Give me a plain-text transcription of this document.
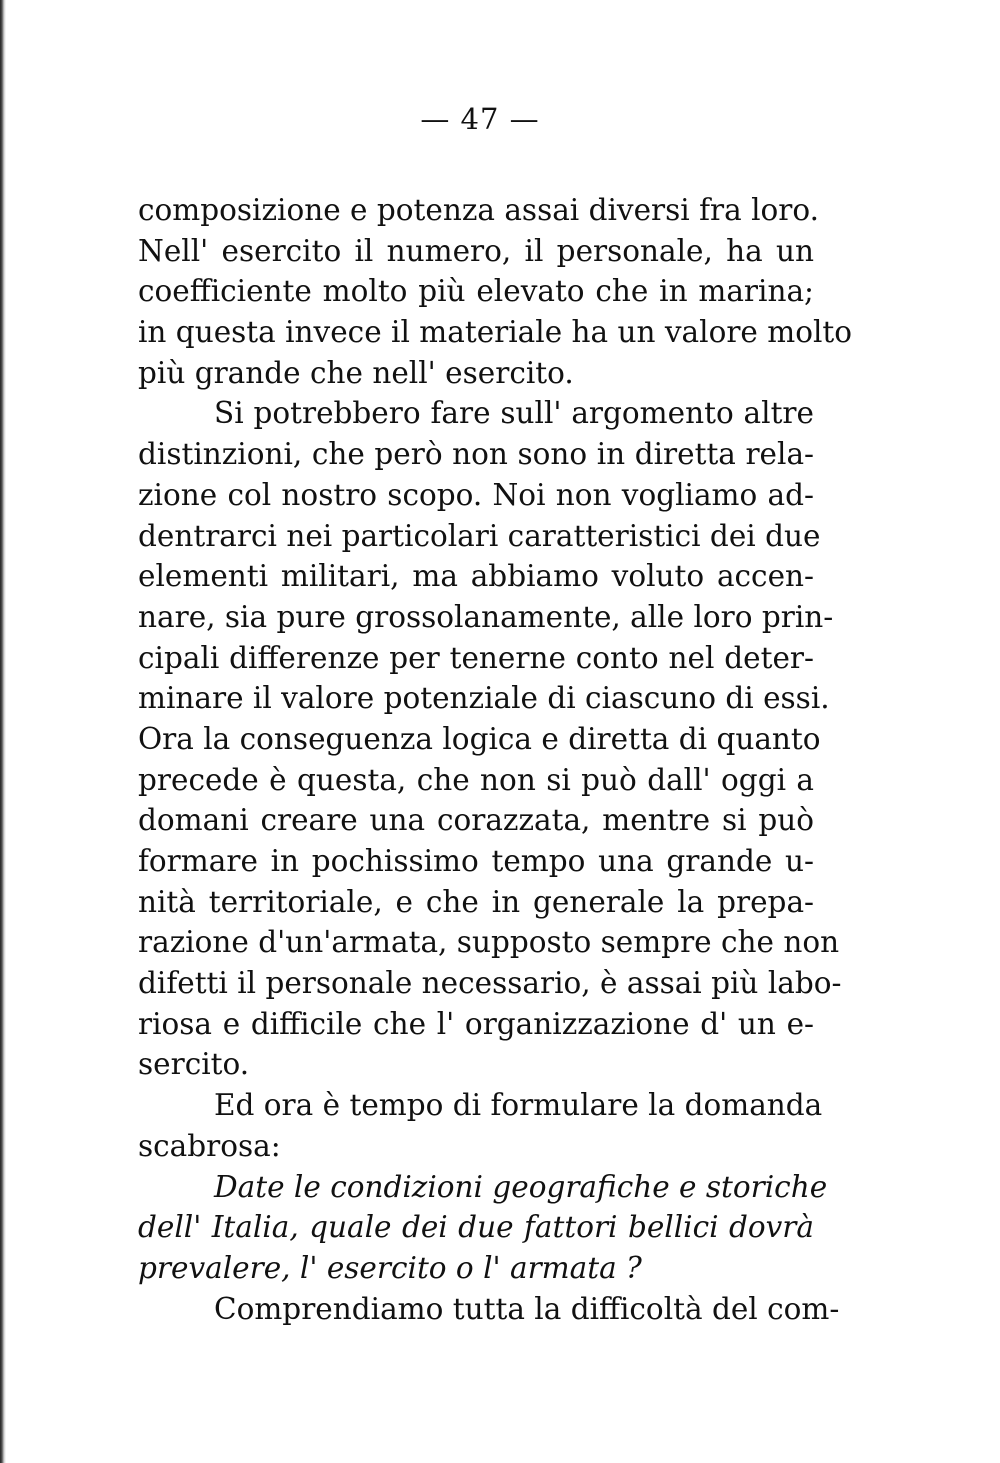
— 47 —
composizione e potenza assai diversi fra loro.
Nell' esercito il numero, il personale, ha un
coefficiente molto più elevato che in marina;
in questa invece il materiale ha un valore molto
più grande che nell' esercito.
Si potrebbero fare sull' argomento altre
distinzioni, che però non sono in diretta rela-
zione col nostro scopo. Noi non vogliamo ad-
dentrarci nei particolari caratteristici dei due
elementi militari, ma abbiamo voluto accen-
nare, sia pure grossolanamente, alle loro prin-
cipali differenze per tenerne conto nel deter-
minare il valore potenziale di ciascuno di essi.
Ora la conseguenza logica e diretta di quanto
precede è questa, che non si può dall' oggi a
domani creare una corazzata, mentre si può
formare in pochissimo tempo una grande u-
nità territoriale, e che in generale la prepa-
razione d'un'armata, supposto sempre che non
difetti il personale necessario, è assai più labo-
riosa e difficile che l' organizzazione d' un e-
sercito.
Ed ora è tempo di formulare la domanda
scabrosa:
Date le condizioni geografiche e storiche
dell' Italia, quale dei due fattori bellici dovrà
prevalere, l' esercito o l' armata ?
Comprendiamo tutta la difficoltà del com-
